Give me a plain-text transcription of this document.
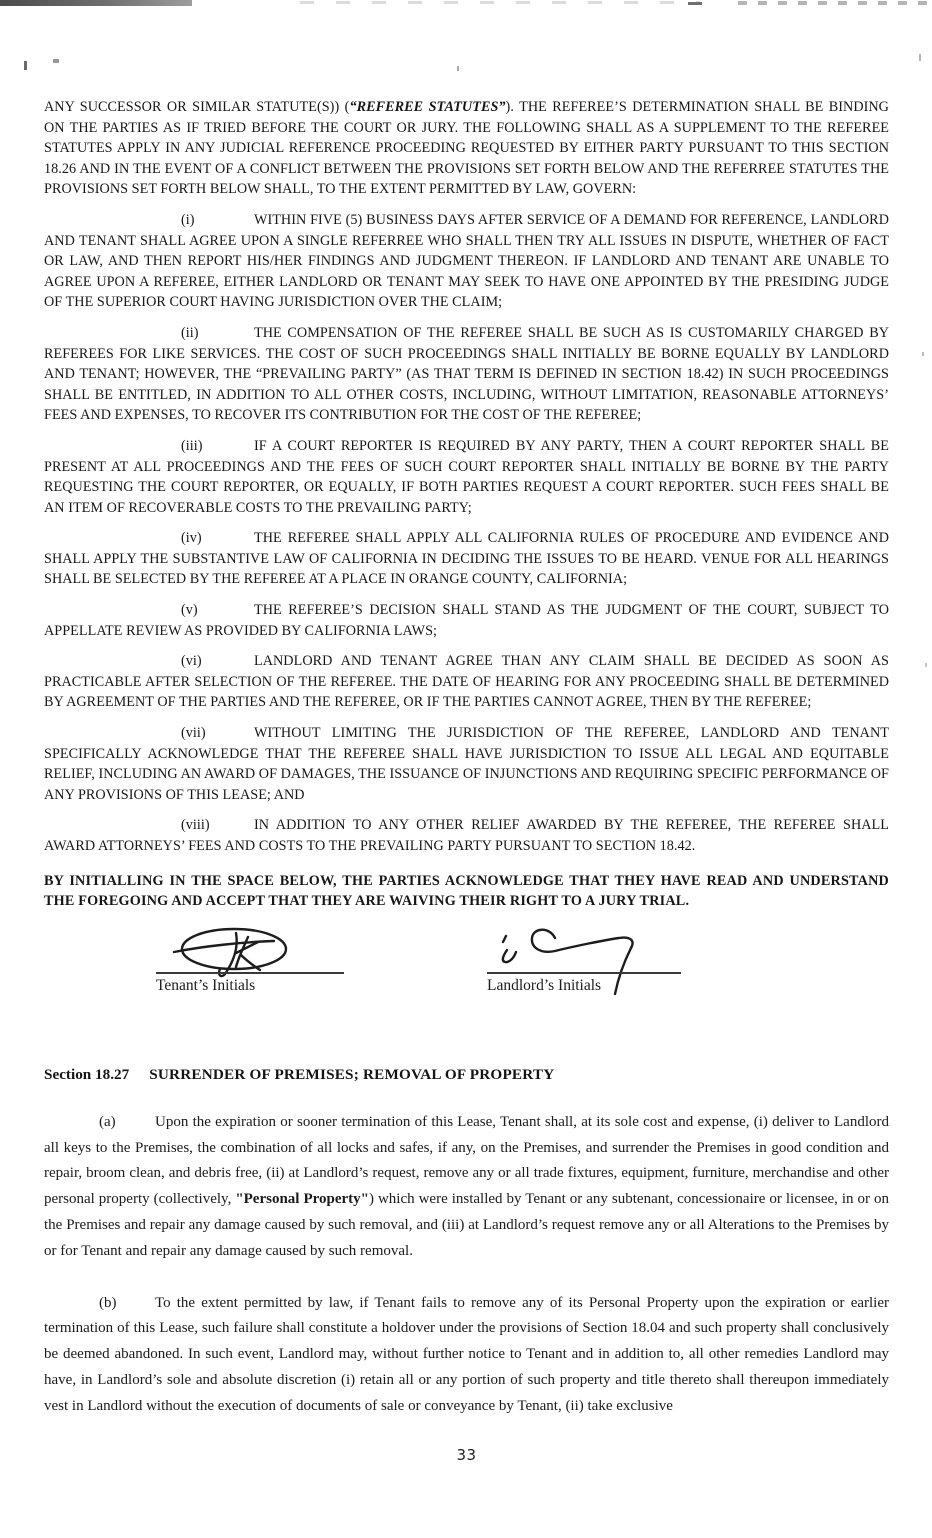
ANY SUCCESSOR OR SIMILAR STATUTE(S)) (“REFEREE STATUTES”). THE REFEREE’S DETERMINATION SHALL BE BINDING ON THE PARTIES AS IF TRIED BEFORE THE COURT OR JURY. THE FOLLOWING SHALL AS A SUPPLEMENT TO THE REFEREE STATUTES APPLY IN ANY JUDICIAL REFERENCE PROCEEDING REQUESTED BY EITHER PARTY PURSUANT TO THIS SECTION 18.26 AND IN THE EVENT OF A CONFLICT BETWEEN THE PROVISIONS SET FORTH BELOW AND THE REFERREE STATUTES THE PROVISIONS SET FORTH BELOW SHALL, TO THE EXTENT PERMITTED BY LAW, GOVERN:

(i)	WITHIN FIVE (5) BUSINESS DAYS AFTER SERVICE OF A DEMAND FOR REFERENCE, LANDLORD AND TENANT SHALL AGREE UPON A SINGLE REFERREE WHO SHALL THEN TRY ALL ISSUES IN DISPUTE, WHETHER OF FACT OR LAW, AND THEN REPORT HIS/HER FINDINGS AND JUDGMENT THEREON. IF LANDLORD AND TENANT ARE UNABLE TO AGREE UPON A REFEREE, EITHER LANDLORD OR TENANT MAY SEEK TO HAVE ONE APPOINTED BY THE PRESIDING JUDGE OF THE SUPERIOR COURT HAVING JURISDICTION OVER THE CLAIM;

(ii)	THE COMPENSATION OF THE REFEREE SHALL BE SUCH AS IS CUSTOMARILY CHARGED BY REFEREES FOR LIKE SERVICES. THE COST OF SUCH PROCEEDINGS SHALL INITIALLY BE BORNE EQUALLY BY LANDLORD AND TENANT; HOWEVER, THE “PREVAILING PARTY” (AS THAT TERM IS DEFINED IN SECTION 18.42) IN SUCH PROCEEDINGS SHALL BE ENTITLED, IN ADDITION TO ALL OTHER COSTS, INCLUDING, WITHOUT LIMITATION, REASONABLE ATTORNEYS’ FEES AND EXPENSES, TO RECOVER ITS CONTRIBUTION FOR THE COST OF THE REFEREE;

(iii)	IF A COURT REPORTER IS REQUIRED BY ANY PARTY, THEN A COURT REPORTER SHALL BE PRESENT AT ALL PROCEEDINGS AND THE FEES OF SUCH COURT REPORTER SHALL INITIALLY BE BORNE BY THE PARTY REQUESTING THE COURT REPORTER, OR EQUALLY, IF BOTH PARTIES REQUEST A COURT REPORTER. SUCH FEES SHALL BE AN ITEM OF RECOVERABLE COSTS TO THE PREVAILING PARTY;

(iv)	THE REFEREE SHALL APPLY ALL CALIFORNIA RULES OF PROCEDURE AND EVIDENCE AND SHALL APPLY THE SUBSTANTIVE LAW OF CALIFORNIA IN DECIDING THE ISSUES TO BE HEARD. VENUE FOR ALL HEARINGS SHALL BE SELECTED BY THE REFEREE AT A PLACE IN ORANGE COUNTY, CALIFORNIA;

(v)	THE REFEREE’S DECISION SHALL STAND AS THE JUDGMENT OF THE COURT, SUBJECT TO APPELLATE REVIEW AS PROVIDED BY CALIFORNIA LAWS;

(vi)	LANDLORD AND TENANT AGREE THAN ANY CLAIM SHALL BE DECIDED AS SOON AS PRACTICABLE AFTER SELECTION OF THE REFEREE. THE DATE OF HEARING FOR ANY PROCEEDING SHALL BE DETERMINED BY AGREEMENT OF THE PARTIES AND THE REFEREE, OR IF THE PARTIES CANNOT AGREE, THEN BY THE REFEREE;

(vii)	WITHOUT LIMITING THE JURISDICTION OF THE REFEREE, LANDLORD AND TENANT SPECIFICALLY ACKNOWLEDGE THAT THE REFEREE SHALL HAVE JURISDICTION TO ISSUE ALL LEGAL AND EQUITABLE RELIEF, INCLUDING AN AWARD OF DAMAGES, THE ISSUANCE OF INJUNCTIONS AND REQUIRING SPECIFIC PERFORMANCE OF ANY PROVISIONS OF THIS LEASE; AND

(viii)	IN ADDITION TO ANY OTHER RELIEF AWARDED BY THE REFEREE, THE REFEREE SHALL AWARD ATTORNEYS’ FEES AND COSTS TO THE PREVAILING PARTY PURSUANT TO SECTION 18.42.

BY INITIALLING IN THE SPACE BELOW, THE PARTIES ACKNOWLEDGE THAT THEY HAVE READ AND UNDERSTAND THE FOREGOING AND ACCEPT THAT THEY ARE WAIVING THEIR RIGHT TO A JURY TRIAL.

Tenant’s Initials	Landlord’s Initials
Section 18.27 SURRENDER OF PREMISES; REMOVAL OF PROPERTY

(a)	Upon the expiration or sooner termination of this Lease, Tenant shall, at its sole cost and expense, (i) deliver to Landlord all keys to the Premises, the combination of all locks and safes, if any, on the Premises, and surrender the Premises in good condition and repair, broom clean, and debris free, (ii) at Landlord’s request, remove any or all trade fixtures, equipment, furniture, merchandise and other personal property (collectively, "Personal Property") which were installed by Tenant or any subtenant, concessionaire or licensee, in or on the Premises and repair any damage caused by such removal, and (iii) at Landlord’s request remove any or all Alterations to the Premises by or for Tenant and repair any damage caused by such removal.

(b)	To the extent permitted by law, if Tenant fails to remove any of its Personal Property upon the expiration or earlier termination of this Lease, such failure shall constitute a holdover under the provisions of Section 18.04 and such property shall conclusively be deemed abandoned. In such event, Landlord may, without further notice to Tenant and in addition to, all other remedies Landlord may have, in Landlord’s sole and absolute discretion (i) retain all or any portion of such property and title thereto shall thereupon immediately vest in Landlord without the execution of documents of sale or conveyance by Tenant, (ii) take exclusive

33
